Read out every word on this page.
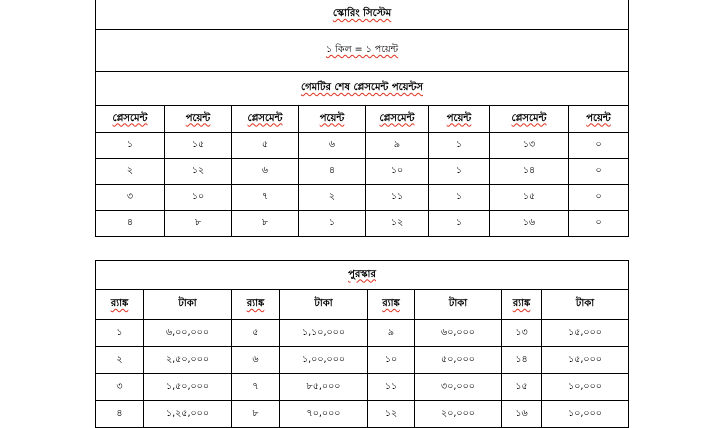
স্কোরিং সিস্টেম							
১ কিল = ১ পয়েন্ট							
গেমটির শেষ প্লেসমেন্ট পয়েন্টস							
প্লেসমেন্ট	পয়েন্ট	প্লেসমেন্ট	পয়েন্ট	প্লেসমেন্ট	পয়েন্ট	প্লেসমেন্ট	পয়েন্ট
১	১৫	৫	৬	৯	১	১৩	০
২	১২	৬	৪	১০	১	১৪	০
৩	১০	৭	২	১১	১	১৫	০
৪	৮	৮	১	১২	১	১৬	০
পুরস্কার							
র‍্যাঙ্ক	টাকা	র‍্যাঙ্ক	টাকা	র‍্যাঙ্ক	টাকা	র‍্যাঙ্ক	টাকা
১	৬,০০,০০০	৫	১,১০,০০০	৯	৬০,০০০	১৩	১৫,০০০
২	২,৫০,০০০	৬	১,০০,০০০	১০	৫০,০০০	১৪	১৫,০০০
৩	১,৫০,০০০	৭	৮৫,০০০	১১	৩০,০০০	১৫	১০,০০০
৪	১,২৫,০০০	৮	৭০,০০০	১২	২০,০০০	১৬	১০,০০০
